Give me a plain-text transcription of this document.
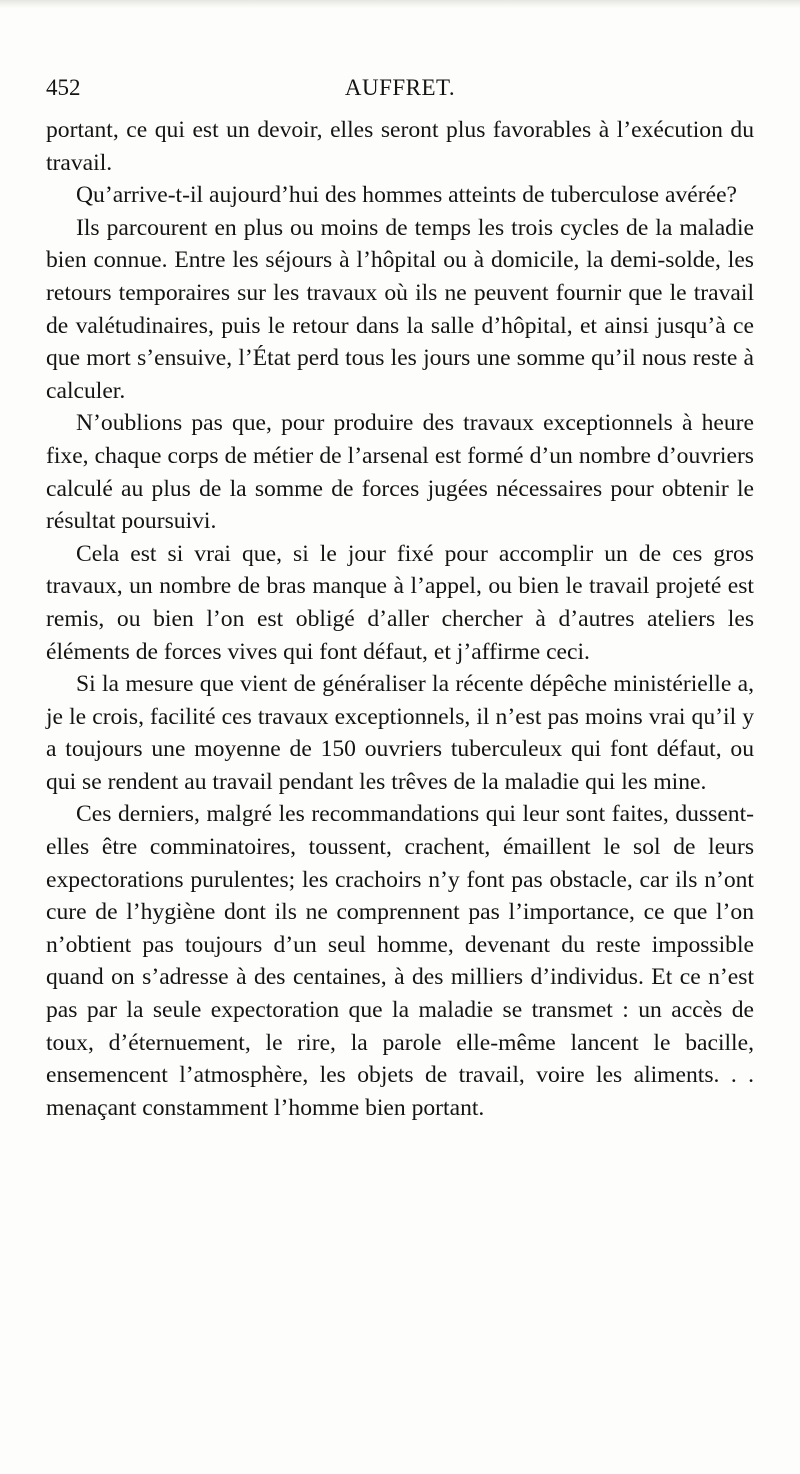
452	AUFFRET.

portant, ce qui est un devoir, elles seront plus favorables à l’exécution du travail.

Qu’arrive-t-il aujourd’hui des hommes atteints de tuberculose avérée?

Ils parcourent en plus ou moins de temps les trois cycles de la maladie bien connue. Entre les séjours à l’hôpital ou à domicile, la demi-solde, les retours temporaires sur les travaux où ils ne peuvent fournir que le travail de valétudinaires, puis le retour dans la salle d’hôpital, et ainsi jusqu’à ce que mort s’ensuive, l’État perd tous les jours une somme qu’il nous reste à calculer.

N’oublions pas que, pour produire des travaux exceptionnels à heure fixe, chaque corps de métier de l’arsenal est formé d’un nombre d’ouvriers calculé au plus de la somme de forces jugées nécessaires pour obtenir le résultat poursuivi.

Cela est si vrai que, si le jour fixé pour accomplir un de ces gros travaux, un nombre de bras manque à l’appel, ou bien le travail projeté est remis, ou bien l’on est obligé d’aller chercher à d’autres ateliers les éléments de forces vives qui font défaut, et j’affirme ceci.

Si la mesure que vient de généraliser la récente dépêche ministérielle a, je le crois, facilité ces travaux exceptionnels, il n’est pas moins vrai qu’il y a toujours une moyenne de 150 ouvriers tuberculeux qui font défaut, ou qui se rendent au travail pendant les trêves de la maladie qui les mine.

Ces derniers, malgré les recommandations qui leur sont faites, dussent-elles être comminatoires, toussent, crachent, émaillent le sol de leurs expectorations purulentes; les crachoirs n’y font pas obstacle, car ils n’ont cure de l’hygiène dont ils ne comprennent pas l’importance, ce que l’on n’obtient pas toujours d’un seul homme, devenant du reste impossible quand on s’adresse à des centaines, à des milliers d’individus. Et ce n’est pas par la seule expectoration que la maladie se transmet : un accès de toux, d’éternuement, le rire, la parole elle-même lancent le bacille, ensemencent l’atmosphère, les objets de travail, voire les aliments. . . menaçant constamment l’homme bien portant.
